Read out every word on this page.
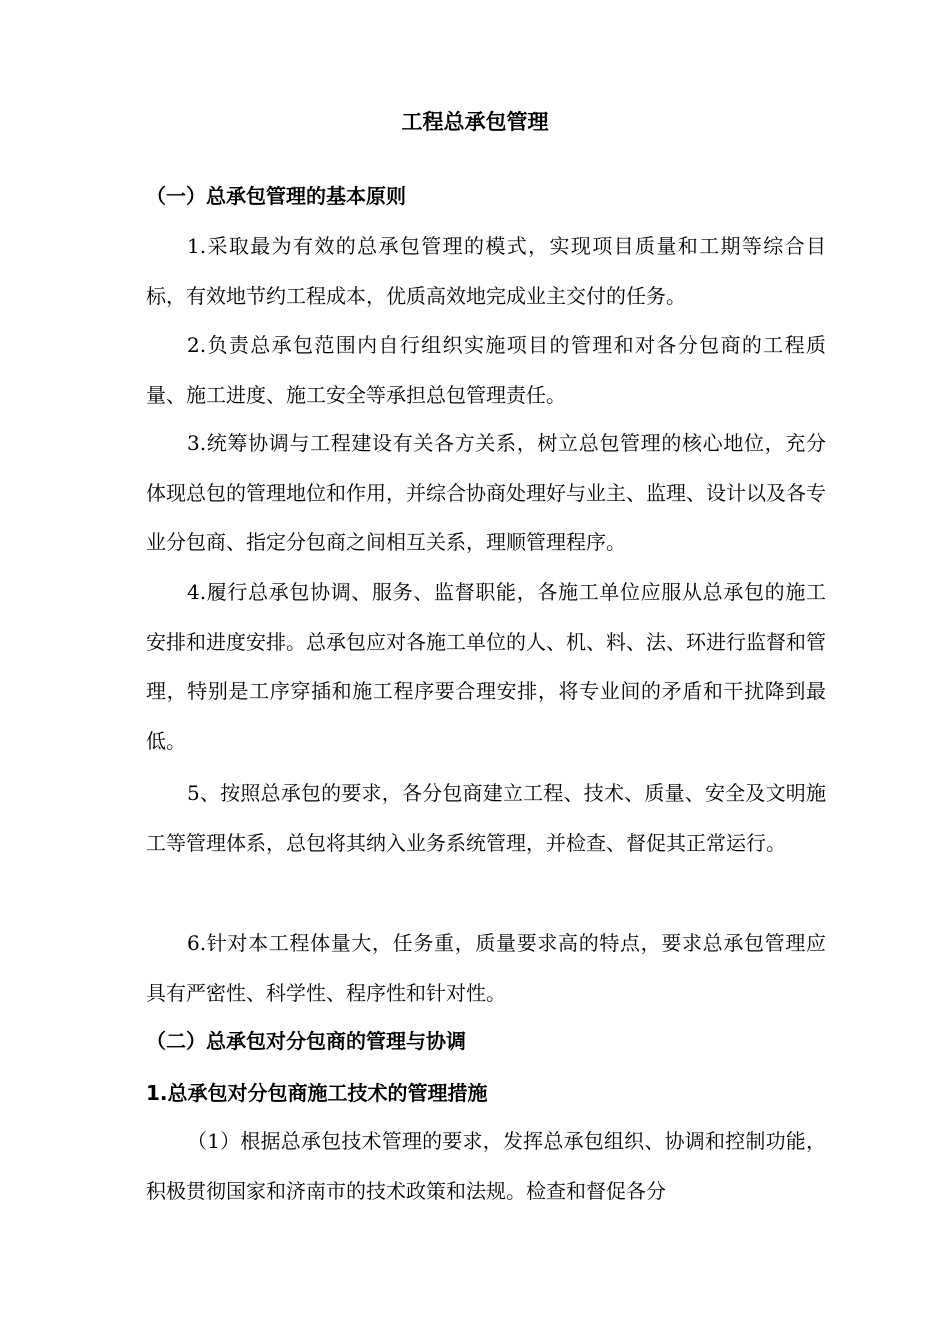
工程总承包管理
（一）总承包管理的基本原则

1.采取最为有效的总承包管理的模式，实现项目质量和工期等综合目标，有效地节约工程成本，优质高效地完成业主交付的任务。

2.负责总承包范围内自行组织实施项目的管理和对各分包商的工程质量、施工进度、施工安全等承担总包管理责任。

3.统筹协调与工程建设有关各方关系，树立总包管理的核心地位，充分体现总包的管理地位和作用，并综合协商处理好与业主、监理、设计以及各专业分包商、指定分包商之间相互关系，理顺管理程序。

4.履行总承包协调、服务、监督职能，各施工单位应服从总承包的施工安排和进度安排。总承包应对各施工单位的人、机、料、法、环进行监督和管理，特别是工序穿插和施工程序要合理安排，将专业间的矛盾和干扰降到最低。

5、按照总承包的要求，各分包商建立工程、技术、质量、安全及文明施工等管理体系，总包将其纳入业务系统管理，并检查、督促其正常运行。

6.针对本工程体量大，任务重，质量要求高的特点，要求总承包管理应具有严密性、科学性、程序性和针对性。

（二）总承包对分包商的管理与协调
1.总承包对分包商施工技术的管理措施

（1）根据总承包技术管理的要求，发挥总承包组织、协调和控制功能，积极贯彻国家和济南市的技术政策和法规。检查和督促各分
